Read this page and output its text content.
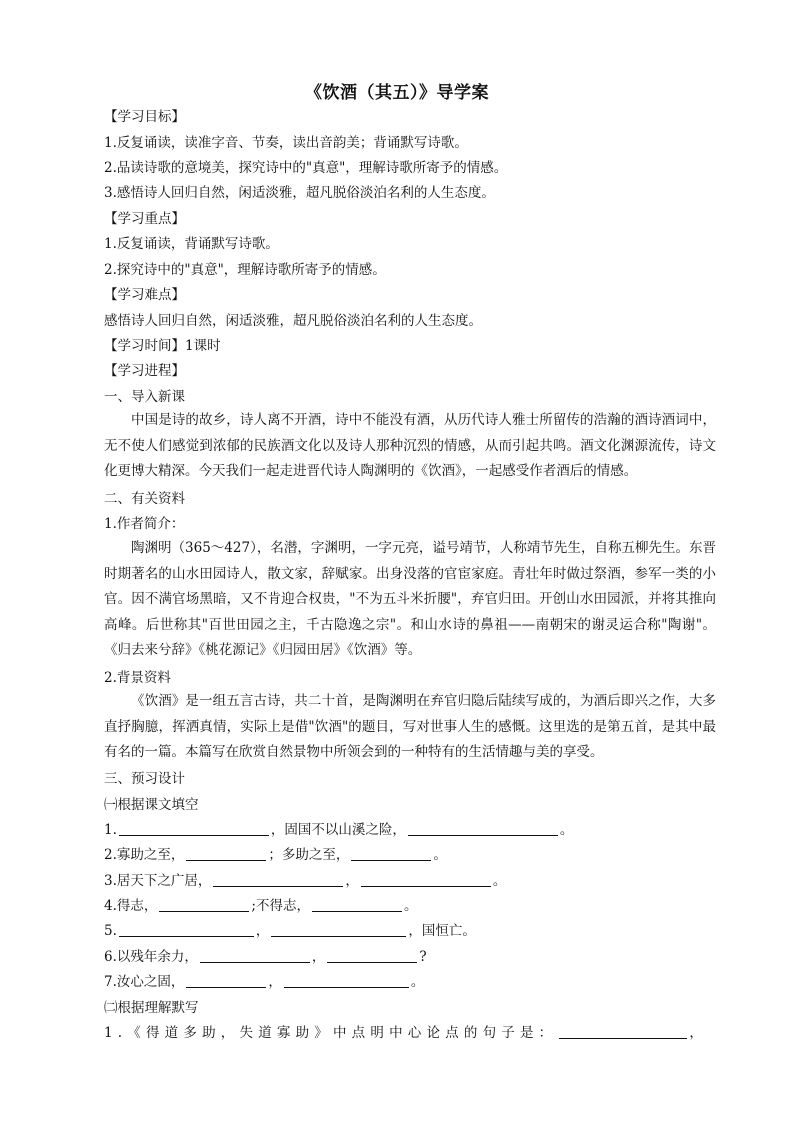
《饮酒（其五）》导学案
【学习目标】
1.反复诵读，读准字音、节奏，读出音韵美；背诵默写诗歌。
2.品读诗歌的意境美，探究诗中的"真意"，理解诗歌所寄予的情感。
3.感悟诗人回归自然，闲适淡雅，超凡脱俗淡泊名利的人生态度。
【学习重点】
1.反复诵读，背诵默写诗歌。
2.探究诗中的"真意"，理解诗歌所寄予的情感。
【学习难点】
感悟诗人回归自然，闲适淡雅，超凡脱俗淡泊名利的人生态度。
【学习时间】1课时
【学习进程】
一、导入新课
中国是诗的故乡，诗人离不开酒，诗中不能没有酒，从历代诗人雅士所留传的浩瀚的酒诗酒词中，无不使人们感觉到浓郁的民族酒文化以及诗人那种沉烈的情感，从而引起共鸣。酒文化渊源流传，诗文化更博大精深。今天我们一起走进晋代诗人陶渊明的《饮酒》，一起感受作者酒后的情感。
二、有关资料
1.作者简介：
陶渊明（365～427），名潜，字渊明，一字元亮，谥号靖节，人称靖节先生，自称五柳先生。东晋时期著名的山水田园诗人，散文家，辞赋家。出身没落的官宦家庭。青壮年时做过祭酒，参军一类的小官。因不满官场黑暗，又不肯迎合权贵，"不为五斗米折腰"，弃官归田。开创山水田园派，并将其推向高峰。后世称其"百世田园之主，千古隐逸之宗"。和山水诗的鼻祖——南朝宋的谢灵运合称"陶谢"。《归去来兮辞》《桃花源记》《归园田居》《饮酒》等。
2.背景资料
《饮酒》是一组五言古诗，共二十首，是陶渊明在弃官归隐后陆续写成的，为酒后即兴之作，大多直抒胸臆，挥洒真情，实际上是借"饮酒"的题目，写对世事人生的感慨。这里选的是第五首，是其中最有名的一篇。本篇写在欣赏自然景物中所领会到的一种特有的生活情趣与美的享受。
三、预习设计
㈠根据课文填空
1.	，固国不以山溪之险，	。
2.寡助之至，	；多助之至，	。
3.居天下之广居，	，	。
4.得志，	;不得志，	。
5.	，	，国恒亡。
6.以残年余力，	，	?
7.汝心之固，	，	。
㈡根据理解默写
1.《得道多助，失道寡助》中点明中心论点的句子是：	，
